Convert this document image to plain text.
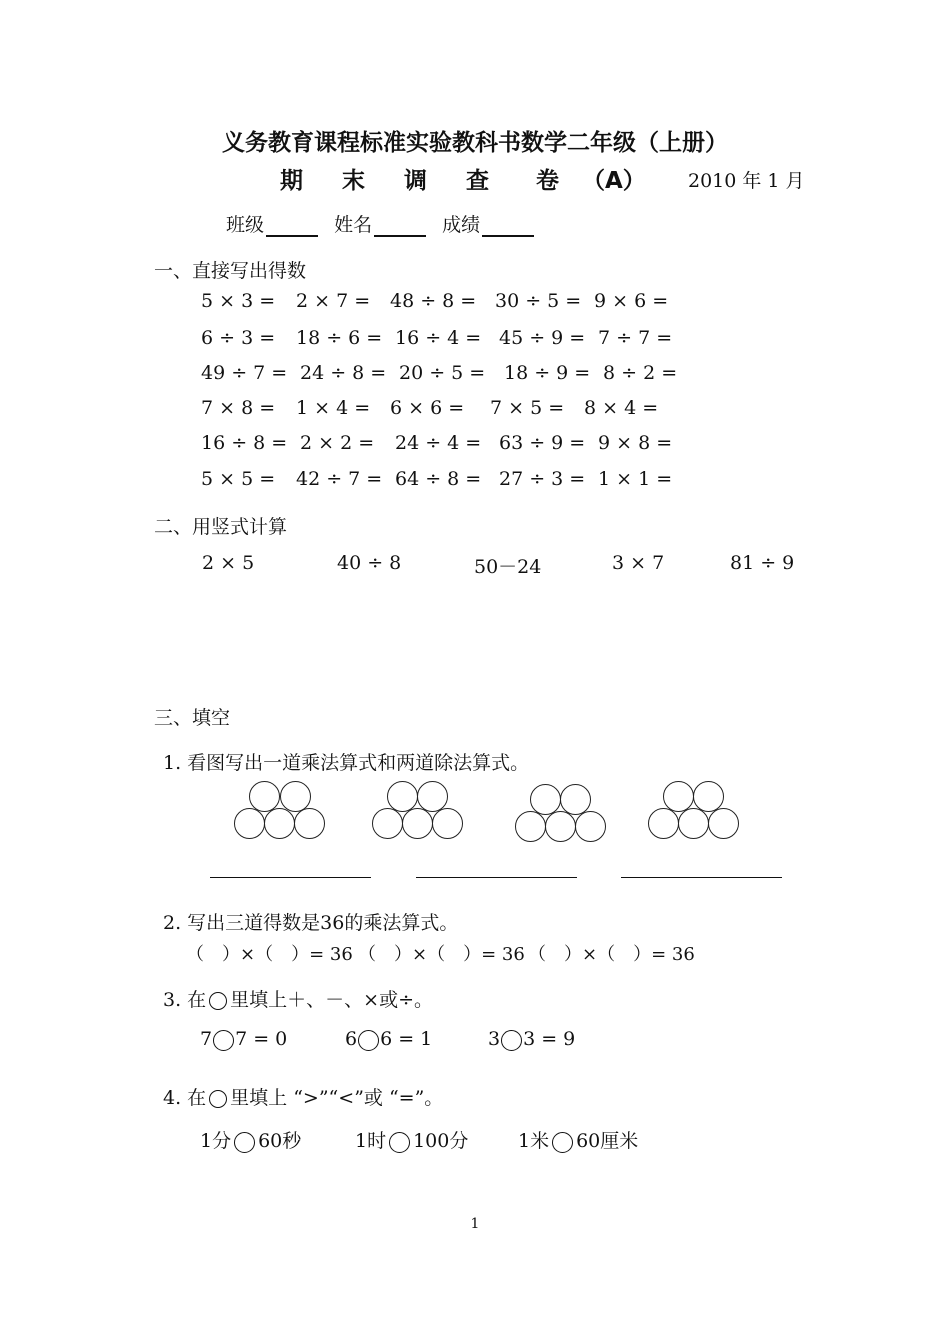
义务教育课程标准实验教科书数学二年级（上册）
期 末 调 查 卷 （A） 2010 年 1 月
班级	姓名	成绩
一、直接写出得数
5 × 3 = 2 × 7 = 48 ÷ 8 = 30 ÷ 5 = 9 × 6 =
6 ÷ 3 = 18 ÷ 6 = 16 ÷ 4 = 45 ÷ 9 = 7 ÷ 7 =
49 ÷ 7 = 24 ÷ 8 = 20 ÷ 5 = 18 ÷ 9 = 8 ÷ 2 =
7 × 8 = 1 × 4 = 6 × 6 = 7 × 5 = 8 × 4 =
16 ÷ 8 = 2 × 2 = 24 ÷ 4 = 63 ÷ 9 = 9 × 8 =
5 × 5 = 42 ÷ 7 = 64 ÷ 8 = 27 ÷ 3 = 1 × 1 =
二、用竖式计算
2 × 5	40 ÷ 8	50－24	3 × 7	81 ÷ 9
三、填空
1. 看图写出一道乘法算式和两道除法算式。
2. 写出三道得数是36的乘法算式。
（　）×（　）= 36 （　）×（　）= 36 （　）×（　）= 36
3. 在 里填上＋、－、×或÷。
7 7 = 0	6 6 = 1	3 3 = 9
4. 在 里填上 “>”“<”或 “=”。
1分 60秒	1时 100分	1米 60厘米
1
